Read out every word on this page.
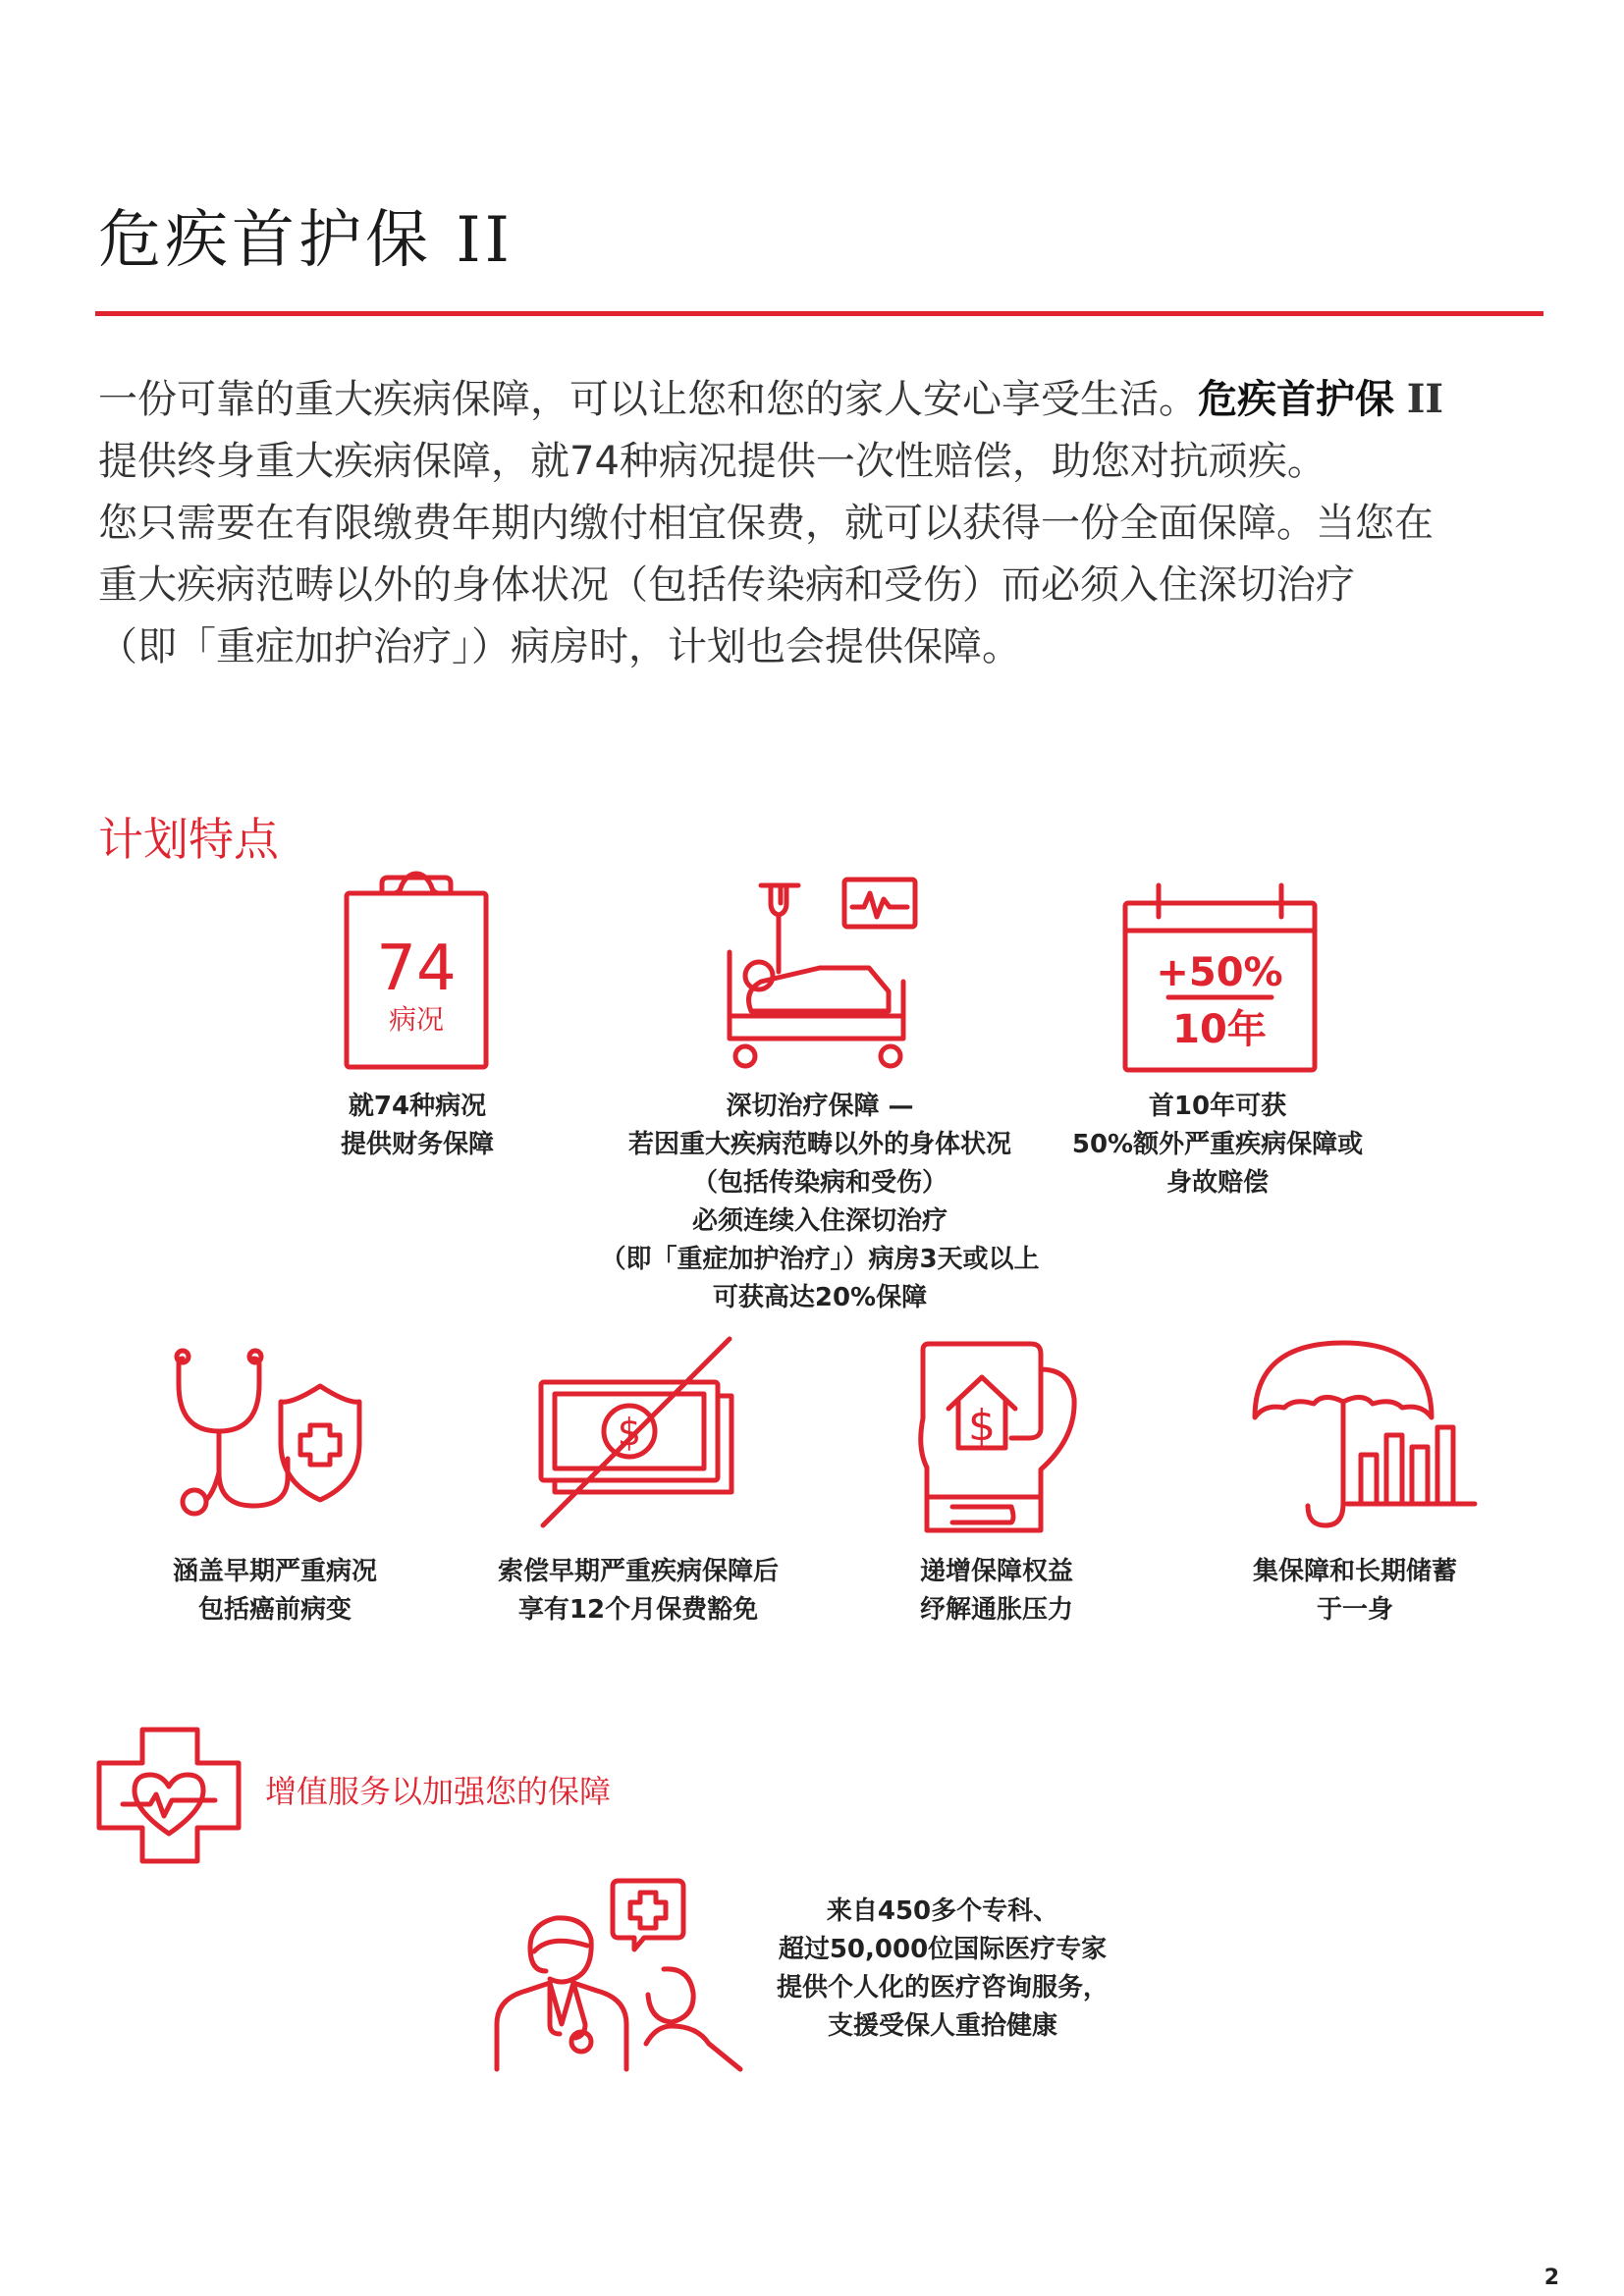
危疾首护保 II
一份可靠的重大疾病保障，可以让您和您的家人安心享受生活。危疾首护保 II
提供终身重大疾病保障，就74种病况提供一次性赔偿，助您对抗顽疾。
您只需要在有限缴费年期内缴付相宜保费，就可以获得一份全面保障。当您在
重大疾病范畴以外的身体状况（包括传染病和受伤）而必须入住深切治疗
（即「重症加护治疗」）病房时，计划也会提供保障。
计划特点
74
病况
就74种病况
提供财务保障
深切治疗保障 —
若因重大疾病范畴以外的身体状况
（包括传染病和受伤）
必须连续入住深切治疗
（即「重症加护治疗」）病房3天或以上
可获高达20%保障
+50%
10年
首10年可获
50%额外严重疾病保障或
身故赔偿
涵盖早期严重病况
包括癌前病变
$
索偿早期严重疾病保障后
享有12个月保费豁免
$
递增保障权益
纾解通胀压力
集保障和长期储蓄
于一身
增值服务以加强您的保障
来自450多个专科、
超过50,000位国际医疗专家
提供个人化的医疗咨询服务，
支援受保人重拾健康
2
